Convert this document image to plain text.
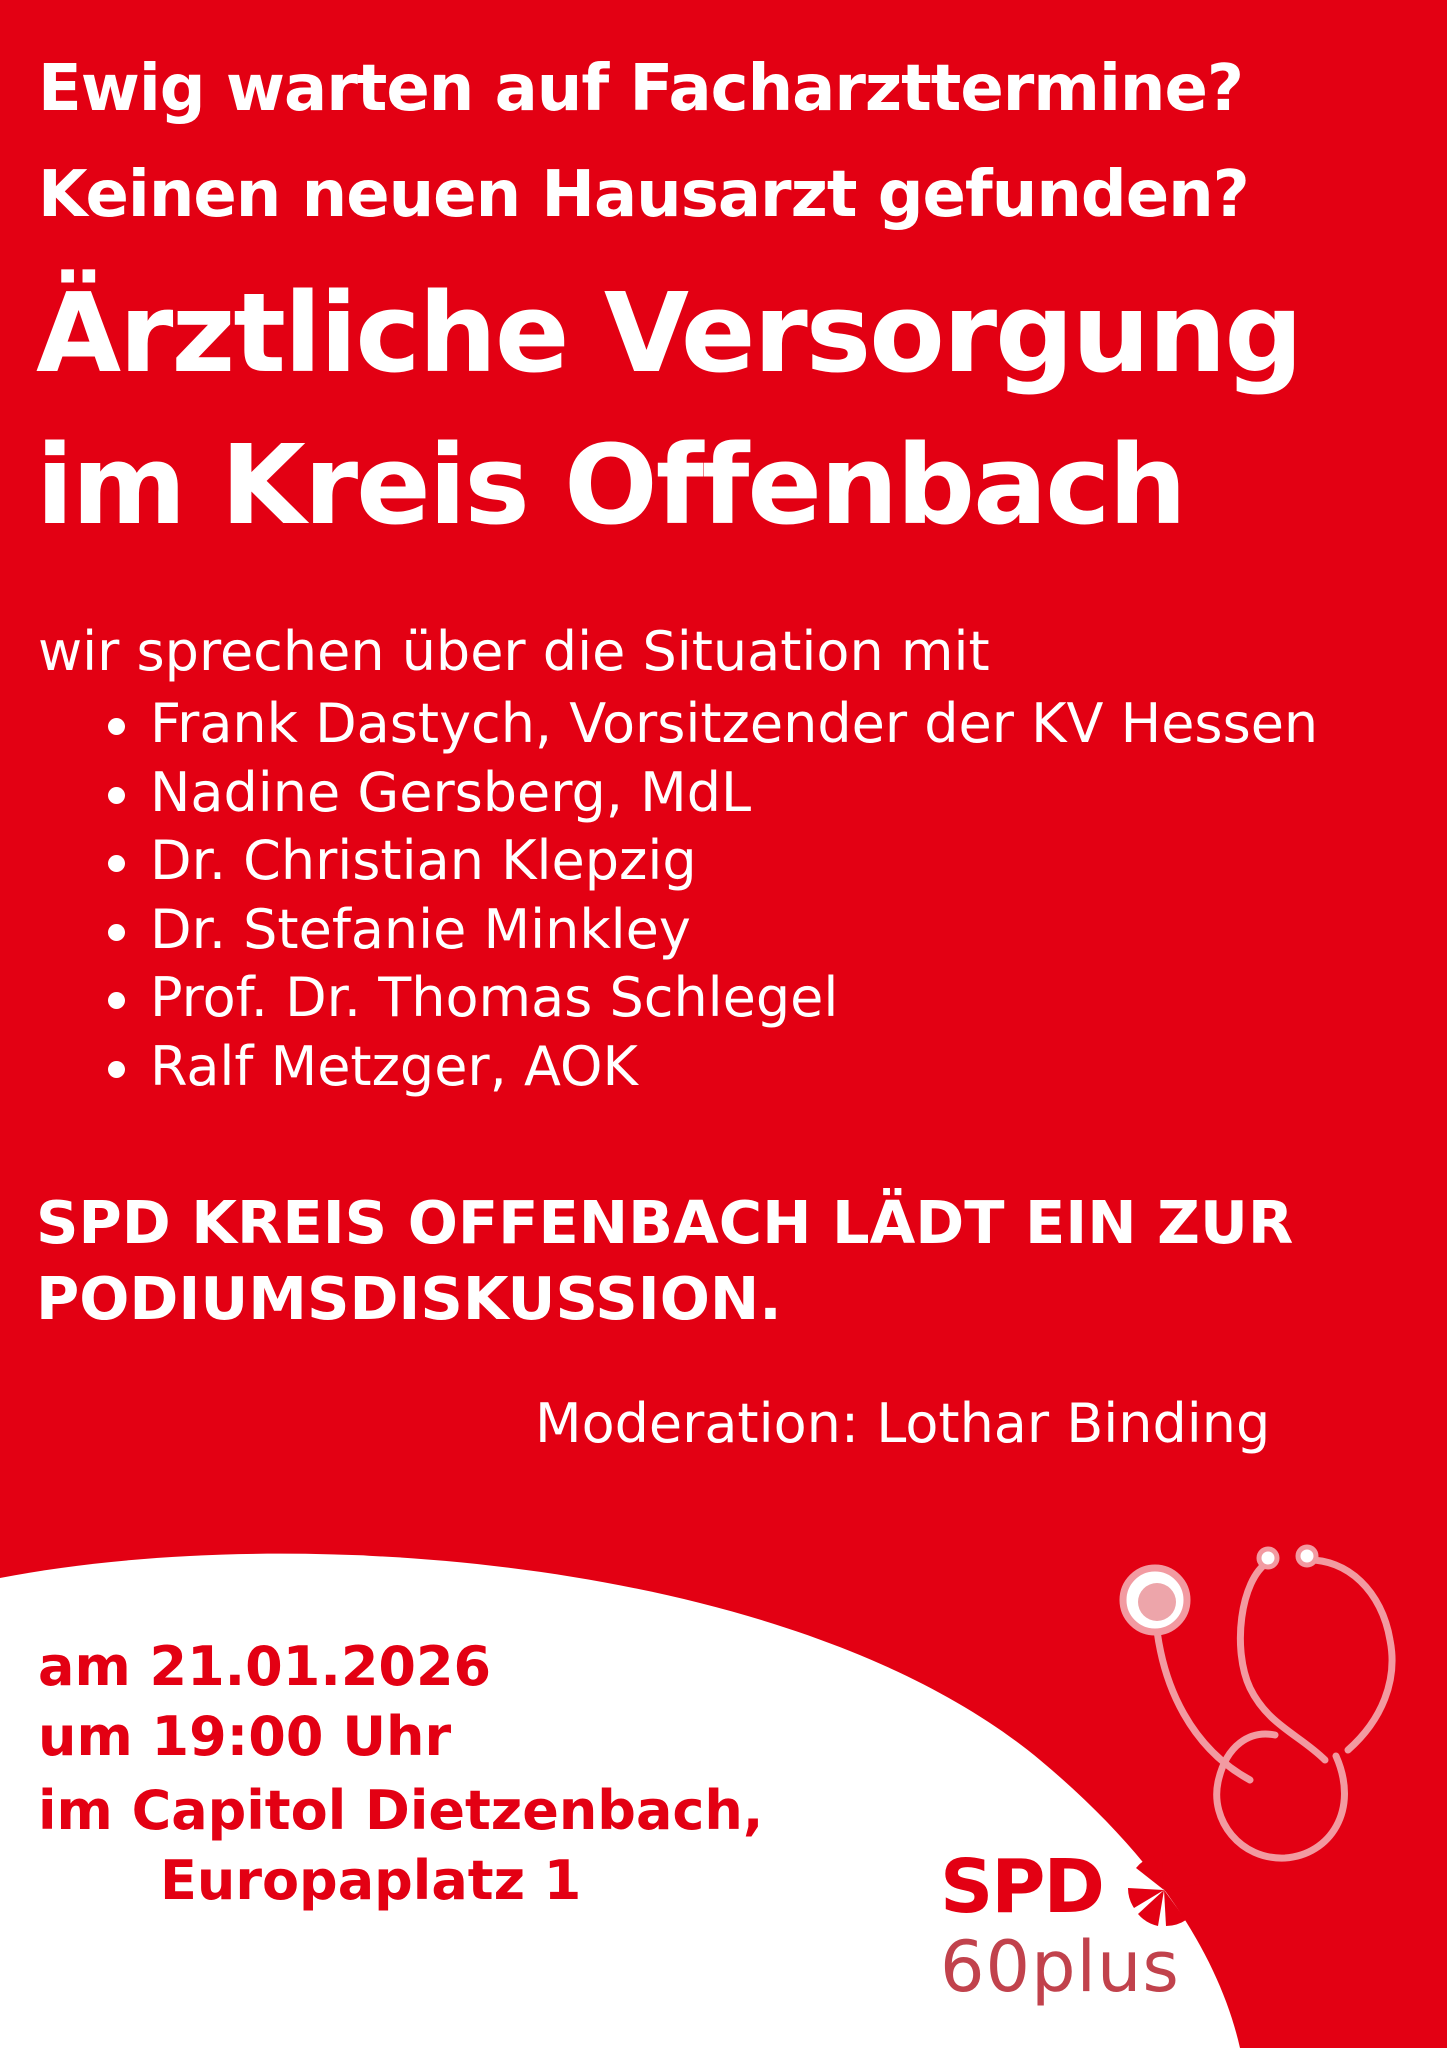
Ewig warten auf Facharzttermine?
Keinen neuen Hausarzt gefunden?
Ärztliche Versorgung
im Kreis Offenbach
wir sprechen über die Situation mit
Frank Dastych, Vorsitzender der KV Hessen
Nadine Gersberg, MdL
Dr. Christian Klepzig
Dr. Stefanie Minkley
Prof. Dr. Thomas Schlegel
Ralf Metzger, AOK
SPD KREIS OFFENBACH LÄDT EIN ZUR PODIUMSDISKUSSION.
Moderation: Lothar Binding
am 21.01.2026
um 19:00 Uhr
im Capitol Dietzenbach,
Europaplatz 1	SPD
60plus
